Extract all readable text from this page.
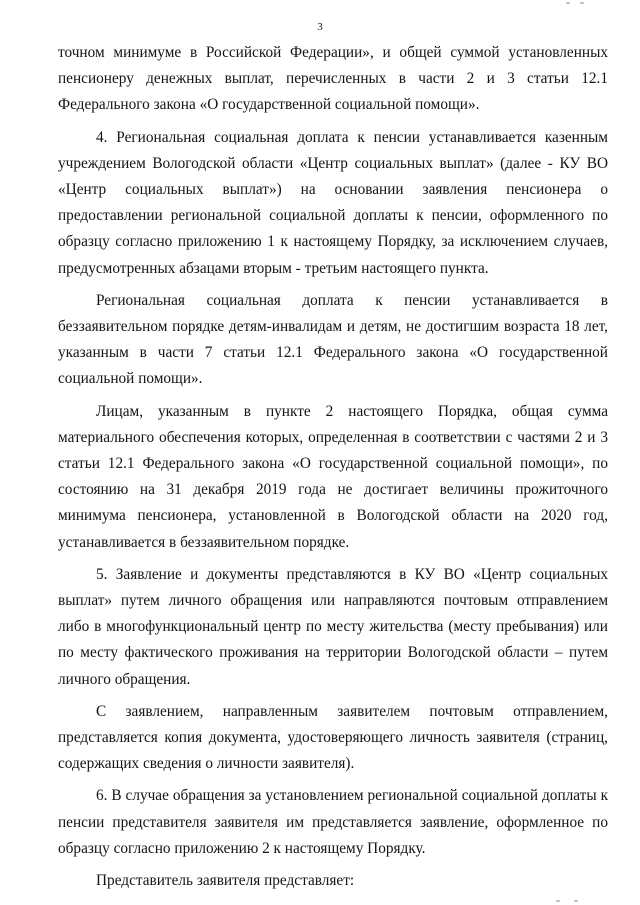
3

точном минимуме в Российской Федерации», и общей суммой установленных пенсионеру денежных выплат, перечисленных в части 2 и 3 статьи 12.1 Федерального закона «О государственной социальной помощи».

4. Региональная социальная доплата к пенсии устанавливается казенным учреждением Вологодской области «Центр социальных выплат» (далее - КУ ВО «Центр социальных выплат») на основании заявления пенсионера о предоставлении региональной социальной доплаты к пенсии, оформленного по образцу согласно приложению 1 к настоящему Порядку, за исключением случаев, предусмотренных абзацами вторым - третьим настоящего пункта.

Региональная социальная доплата к пенсии устанавливается в беззаявительном порядке детям-инвалидам и детям, не достигшим возраста 18 лет, указанным в части 7 статьи 12.1 Федерального закона «О государственной социальной помощи».

Лицам, указанным в пункте 2 настоящего Порядка, общая сумма материального обеспечения которых, определенная в соответствии с частями 2 и 3 статьи 12.1 Федерального закона «О государственной социальной помощи», по состоянию на 31 декабря 2019 года не достигает величины прожиточного минимума пенсионера, установленной в Вологодской области на 2020 год, устанавливается в беззаявительном порядке.

5. Заявление и документы представляются в КУ ВО «Центр социальных выплат» путем личного обращения или направляются почтовым отправлением либо в многофункциональный центр по месту жительства (месту пребывания) или по месту фактического проживания на территории Вологодской области – путем личного обращения.

С заявлением, направленным заявителем почтовым отправлением, представляется копия документа, удостоверяющего личность заявителя (страниц, содержащих сведения о личности заявителя).

6. В случае обращения за установлением региональной социальной доплаты к пенсии представителя заявителя им представляется заявление, оформленное по образцу согласно приложению 2 к настоящему Порядку.

Представитель заявителя представляет:
